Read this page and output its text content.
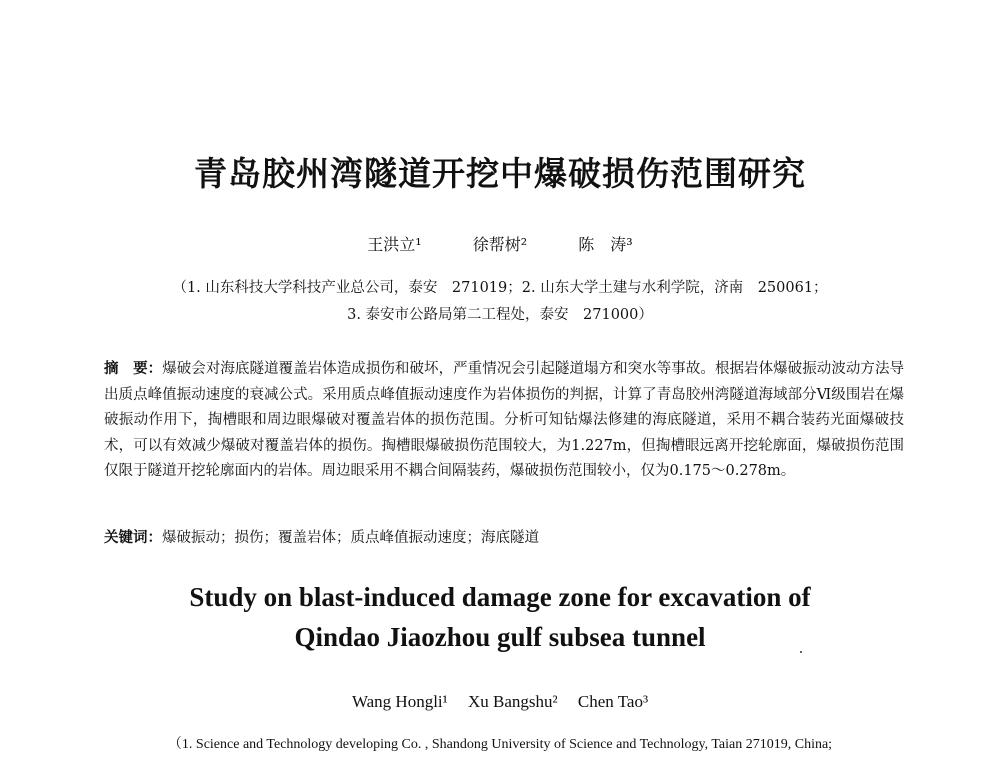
青岛胶州湾隧道开挖中爆破损伤范围研究
王洪立¹	徐帮树²	陈　涛³
（1. 山东科技大学科技产业总公司，泰安　271019；2. 山东大学土建与水利学院，济南　250061；
3. 泰安市公路局第二工程处，泰安　271000）
摘　要：爆破会对海底隧道覆盖岩体造成损伤和破坏，严重情况会引起隧道塌方和突水等事故。根据岩体爆破振动波动方法导出质点峰值振动速度的衰减公式。采用质点峰值振动速度作为岩体损伤的判据，计算了青岛胶州湾隧道海域部分Ⅵ级围岩在爆破振动作用下，掏槽眼和周边眼爆破对覆盖岩体的损伤范围。分析可知钻爆法修建的海底隧道，采用不耦合装药光面爆破技术，可以有效减少爆破对覆盖岩体的损伤。掏槽眼爆破损伤范围较大，为1.227m，但掏槽眼远离开挖轮廓面，爆破损伤范围仅限于隧道开挖轮廓面内的岩体。周边眼采用不耦合间隔装药，爆破损伤范围较小，仅为0.175～0.278m。
关键词：爆破振动；损伤；覆盖岩体；质点峰值振动速度；海底隧道
Study on blast-induced damage zone for excavation of
Qindao Jiaozhou gulf subsea tunnel
Wang Hongli¹ Xu Bangshu² Chen Tao³
（1. Science and Technology developing Co. , Shandong University of Science and Technology, Taian 271019, China;
